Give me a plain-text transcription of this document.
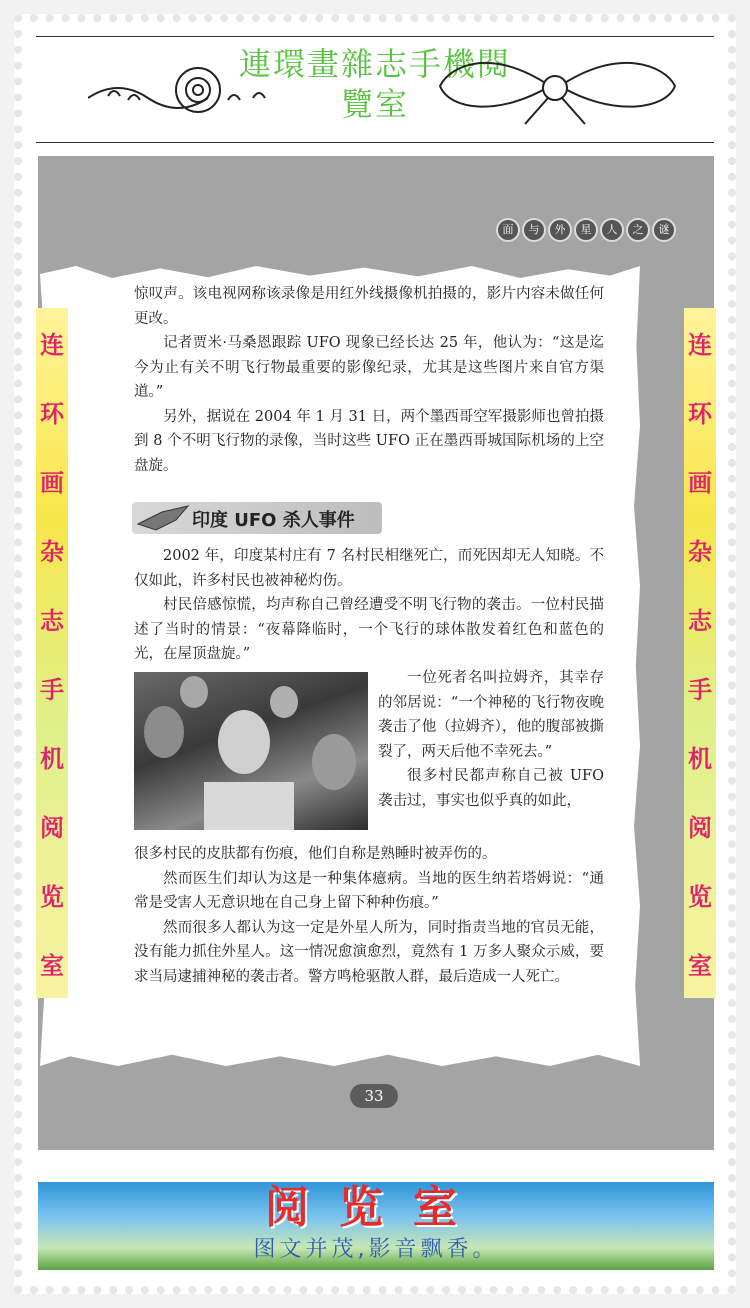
連環畫雜志手機閱
覽室
面	与	外	星	人	之	谜

惊叹声。该电视网称该录像是用红外线摄像机拍摄的，影片内容未做任何更改。

记者贾米·马桑恩跟踪 UFO 现象已经长达 25 年，他认为：“这是迄今为止有关不明飞行物最重要的影像纪录，尤其是这些图片来自官方渠道。”

另外，据说在 2004 年 1 月 31 日，两个墨西哥空军摄影师也曾拍摄到 8 个不明飞行物的录像，当时这些 UFO 正在墨西哥城国际机场的上空盘旋。

印度 UFO 杀人事件

2002 年，印度某村庄有 7 名村民相继死亡，而死因却无人知晓。不仅如此，许多村民也被神秘灼伤。

村民倍感惊慌，均声称自己曾经遭受不明飞行物的袭击。一位村民描述了当时的情景：“夜幕降临时，一个飞行的球体散发着红色和蓝色的光，在屋顶盘旋。”

一位死者名叫拉姆齐，其幸存的邻居说：“一个神秘的飞行物夜晚袭击了他（拉姆齐），他的腹部被撕裂了，两天后他不幸死去。”

很多村民都声称自己被 UFO 袭击过，事实也似乎真的如此，

很多村民的皮肤都有伤痕，他们自称是熟睡时被弄伤的。

然而医生们却认为这是一种集体癔病。当地的医生纳若塔姆说：“通常是受害人无意识地在自己身上留下种种伤痕。”

然而很多人都认为这一定是外星人所为，同时指责当地的官员无能，没有能力抓住外星人。这一情况愈演愈烈，竟然有 1 万多人聚众示威，要求当局逮捕神秘的袭击者。警方鸣枪驱散人群，最后造成一人死亡。

33
连
环
画
杂
志
手
机
阅
览
室
连
环
画
杂
志
手
机
阅
览
室
阅览室
图文并茂,影音飘香。
